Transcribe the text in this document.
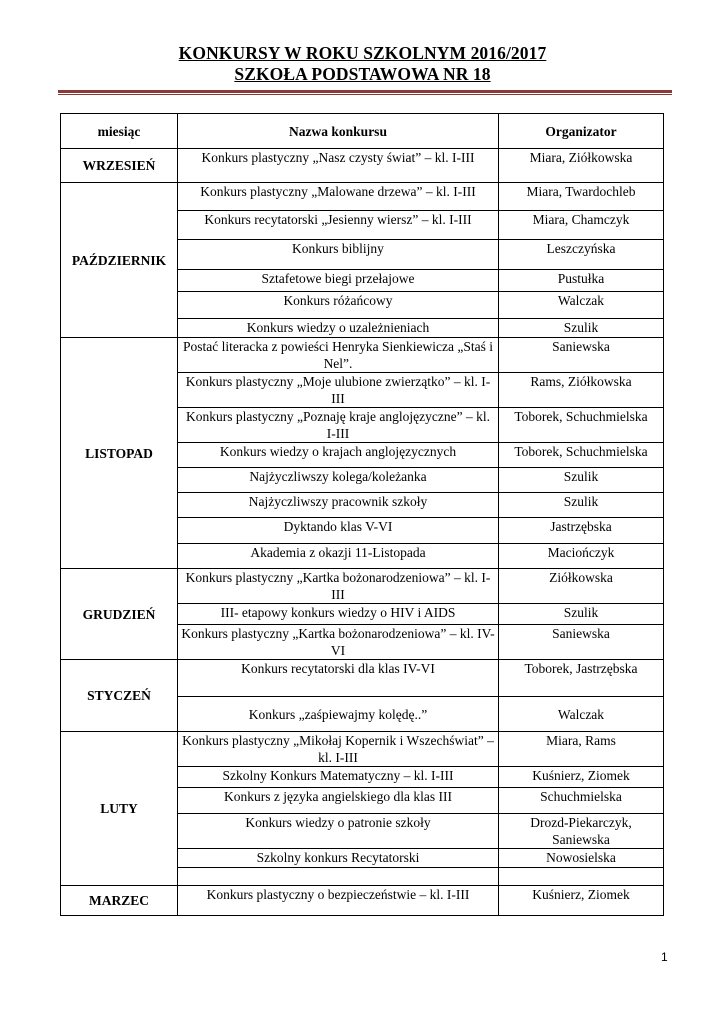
KONKURSY W ROKU SZKOLNYM 2016/2017
SZKOŁA PODSTAWOWA NR 18
miesiąc	Nazwa konkursu	Organizator
WRZESIEŃ	Konkurs plastyczny „Nasz czysty świat” – kl. I-III	Miara, Ziółkowska
PAŹDZIERNIK	Konkurs plastyczny „Malowane drzewa” – kl. I-III	Miara, Twardochleb
	Konkurs recytatorski „Jesienny wiersz” – kl. I-III	Miara, Chamczyk
	Konkurs biblijny	Leszczyńska
	Sztafetowe biegi przełajowe	Pustułka
	Konkurs różańcowy	Walczak
	Konkurs wiedzy o uzależnieniach	Szulik
LISTOPAD	Postać literacka z powieści Henryka Sienkiewicza „Staś i Nel”.	Saniewska
	Konkurs plastyczny „Moje ulubione zwierzątko” – kl. I-III	Rams, Ziółkowska
	Konkurs plastyczny „Poznaję kraje anglojęzyczne” – kl. I-III	Toborek, Schuchmielska
	Konkurs wiedzy o krajach anglojęzycznych	Toborek, Schuchmielska
	Najżyczliwszy kolega/koleżanka	Szulik
	Najżyczliwszy pracownik szkoły	Szulik
	Dyktando klas V-VI	Jastrzębska
	Akademia z okazji 11-Listopada	Maciończyk
GRUDZIEŃ	Konkurs plastyczny „Kartka bożonarodzeniowa” – kl. I-III	Ziółkowska
	III- etapowy konkurs wiedzy o HIV i AIDS	Szulik
	Konkurs plastyczny „Kartka bożonarodzeniowa” – kl. IV-VI	Saniewska
STYCZEŃ	Konkurs recytatorski dla klas IV-VI	Toborek, Jastrzębska
	Konkurs „zaśpiewajmy kolędę..”	Walczak
LUTY	Konkurs plastyczny „Mikołaj Kopernik i Wszechświat” – kl. I-III	Miara, Rams
	Szkolny Konkurs Matematyczny – kl. I-III	Kuśnierz, Ziomek
	Konkurs z języka angielskiego dla klas III	Schuchmielska
	Konkurs wiedzy o patronie szkoły	Drozd-Piekarczyk, Saniewska
	Szkolny konkurs Recytatorski	Nowosielska

MARZEC	Konkurs plastyczny o bezpieczeństwie – kl. I-III	Kuśnierz, Ziomek
1
